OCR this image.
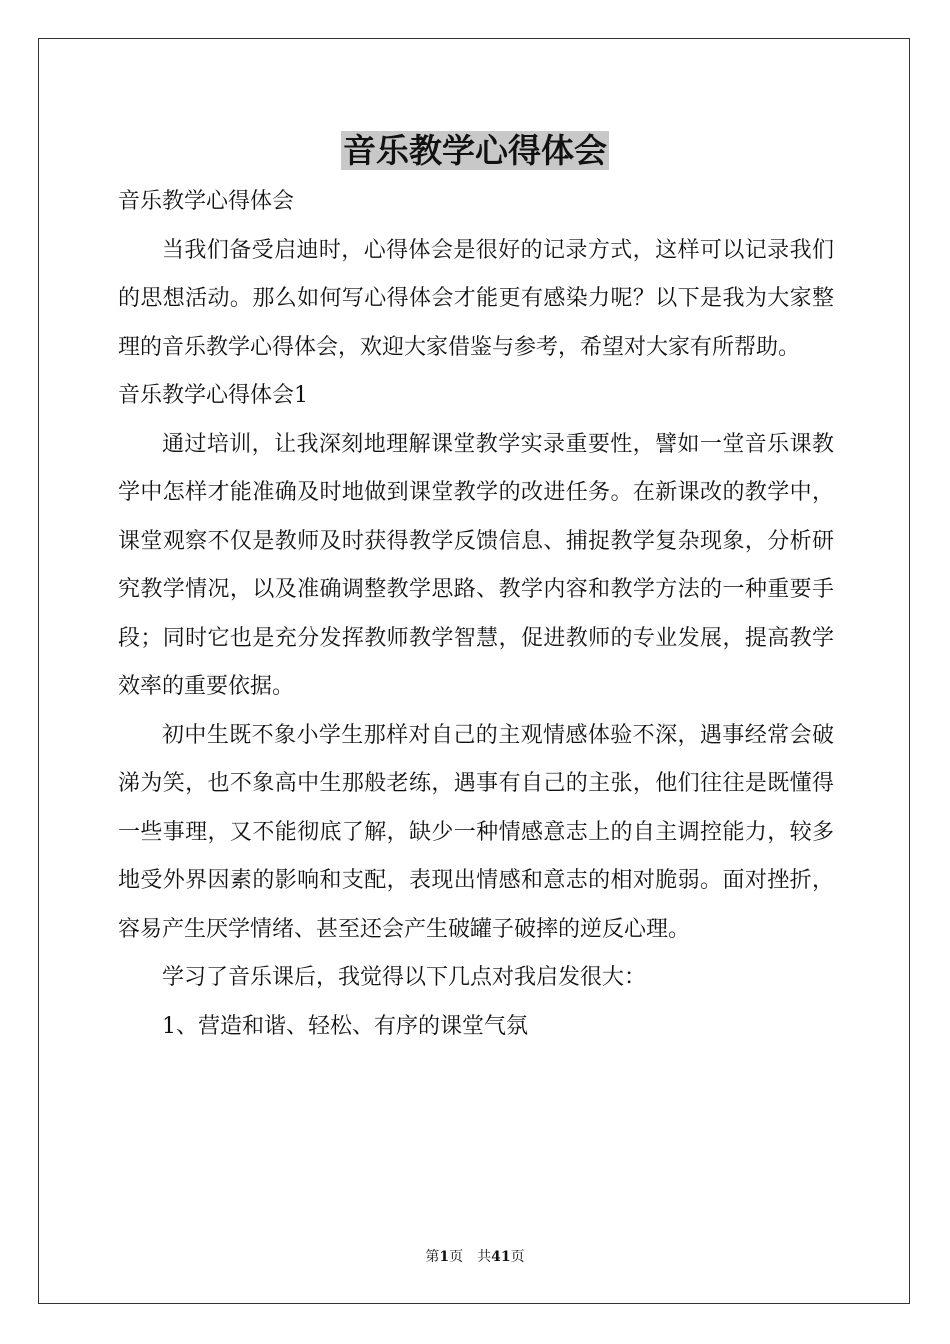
音乐教学心得体会

音乐教学心得体会

当我们备受启迪时，心得体会是很好的记录方式，这样可以记录我们的思想活动。那么如何写心得体会才能更有感染力呢？以下是我为大家整理的音乐教学心得体会，欢迎大家借鉴与参考，希望对大家有所帮助。

音乐教学心得体会1

通过培训，让我深刻地理解课堂教学实录重要性，譬如一堂音乐课教学中怎样才能准确及时地做到课堂教学的改进任务。在新课改的教学中，课堂观察不仅是教师及时获得教学反馈信息、捕捉教学复杂现象，分析研究教学情况，以及准确调整教学思路、教学内容和教学方法的一种重要手段；同时它也是充分发挥教师教学智慧，促进教师的专业发展，提高教学效率的重要依据。

初中生既不象小学生那样对自己的主观情感体验不深，遇事经常会破涕为笑，也不象高中生那般老练，遇事有自己的主张，他们往往是既懂得一些事理，又不能彻底了解，缺少一种情感意志上的自主调控能力，较多地受外界因素的影响和支配，表现出情感和意志的相对脆弱。面对挫折，容易产生厌学情绪、甚至还会产生破罐子破摔的逆反心理。

学习了音乐课后，我觉得以下几点对我启发很大：

1、营造和谐、轻松、有序的课堂气氛

第1页　共41页
